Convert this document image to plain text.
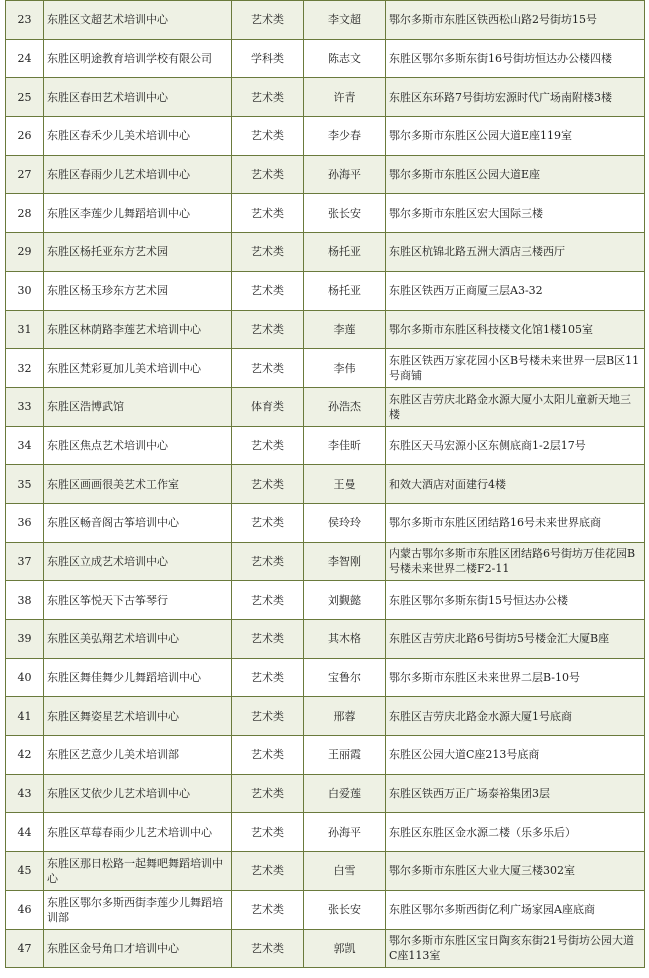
23	东胜区文超艺术培训中心	艺术类	李文超	鄂尔多斯市东胜区铁西松山路2号街坊15号
24	东胜区明途教育培训学校有限公司	学科类	陈志文	东胜区鄂尔多斯东街16号街坊恒达办公楼四楼
25	东胜区春田艺术培训中心	艺术类	许青	东胜区东环路7号街坊宏源时代广场南附楼3楼
26	东胜区春禾少儿美术培训中心	艺术类	李少春	鄂尔多斯市东胜区公园大道E座119室
27	东胜区春雨少儿艺术培训中心	艺术类	孙海平	鄂尔多斯市东胜区公园大道E座
28	东胜区李莲少儿舞蹈培训中心	艺术类	张长安	鄂尔多斯市东胜区宏大国际三楼
29	东胜区杨托亚东方艺术园	艺术类	杨托亚	东胜区杭锦北路五洲大酒店三楼西厅
30	东胜区杨玉珍东方艺术园	艺术类	杨托亚	东胜区铁西万正商厦三层A3-32
31	东胜区林荫路李莲艺术培训中心	艺术类	李莲	鄂尔多斯市东胜区科技楼文化馆1楼105室
32	东胜区梵彩夏加儿美术培训中心	艺术类	李伟	东胜区铁西万家花园小区B号楼未来世界一层B区11号商铺
33	东胜区浩博武馆	体育类	孙浩杰	东胜区吉劳庆北路金水源大厦小太阳儿童新天地三楼
34	东胜区焦点艺术培训中心	艺术类	李佳昕	东胜区天马宏源小区东侧底商1-2层17号
35	东胜区画画很美艺术工作室	艺术类	王曼	和效大酒店对面建行4楼
36	东胜区畅音阁古筝培训中心	艺术类	侯玲玲	鄂尔多斯市东胜区团结路16号未来世界底商
37	东胜区立成艺术培训中心	艺术类	李智刚	内蒙古鄂尔多斯市东胜区团结路6号街坊万佳花园B号楼未来世界二楼F2-11
38	东胜区筝悦天下古筝琴行	艺术类	刘觐懿	东胜区鄂尔多斯东街15号恒达办公楼
39	东胜区美弘翔艺术培训中心	艺术类	其木格	东胜区吉劳庆北路6号街坊5号楼金汇大厦B座
40	东胜区舞佳舞少儿舞蹈培训中心	艺术类	宝鲁尔	鄂尔多斯市东胜区未来世界二层B-10号
41	东胜区舞姿星艺术培训中心	艺术类	邢蓉	东胜区吉劳庆北路金水源大厦1号底商
42	东胜区艺意少儿美术培训部	艺术类	王丽霞	东胜区公园大道C座213号底商
43	东胜区艾依少儿艺术培训中心	艺术类	白爱莲	东胜区铁西万正广场泰裕集团3层
44	东胜区草莓春雨少儿艺术培训中心	艺术类	孙海平	东胜区东胜区金水源二楼（乐多乐后）
45	东胜区那日松路一起舞吧舞蹈培训中心	艺术类	白雪	鄂尔多斯市东胜区大业大厦三楼302室
46	东胜区鄂尔多斯西街李莲少儿舞蹈培训部	艺术类	张长安	东胜区鄂尔多斯西街亿利广场家园A座底商
47	东胜区金号角口才培训中心	艺术类	郭凯	鄂尔多斯市东胜区宝日陶亥东街21号街坊公园大道C座113室
